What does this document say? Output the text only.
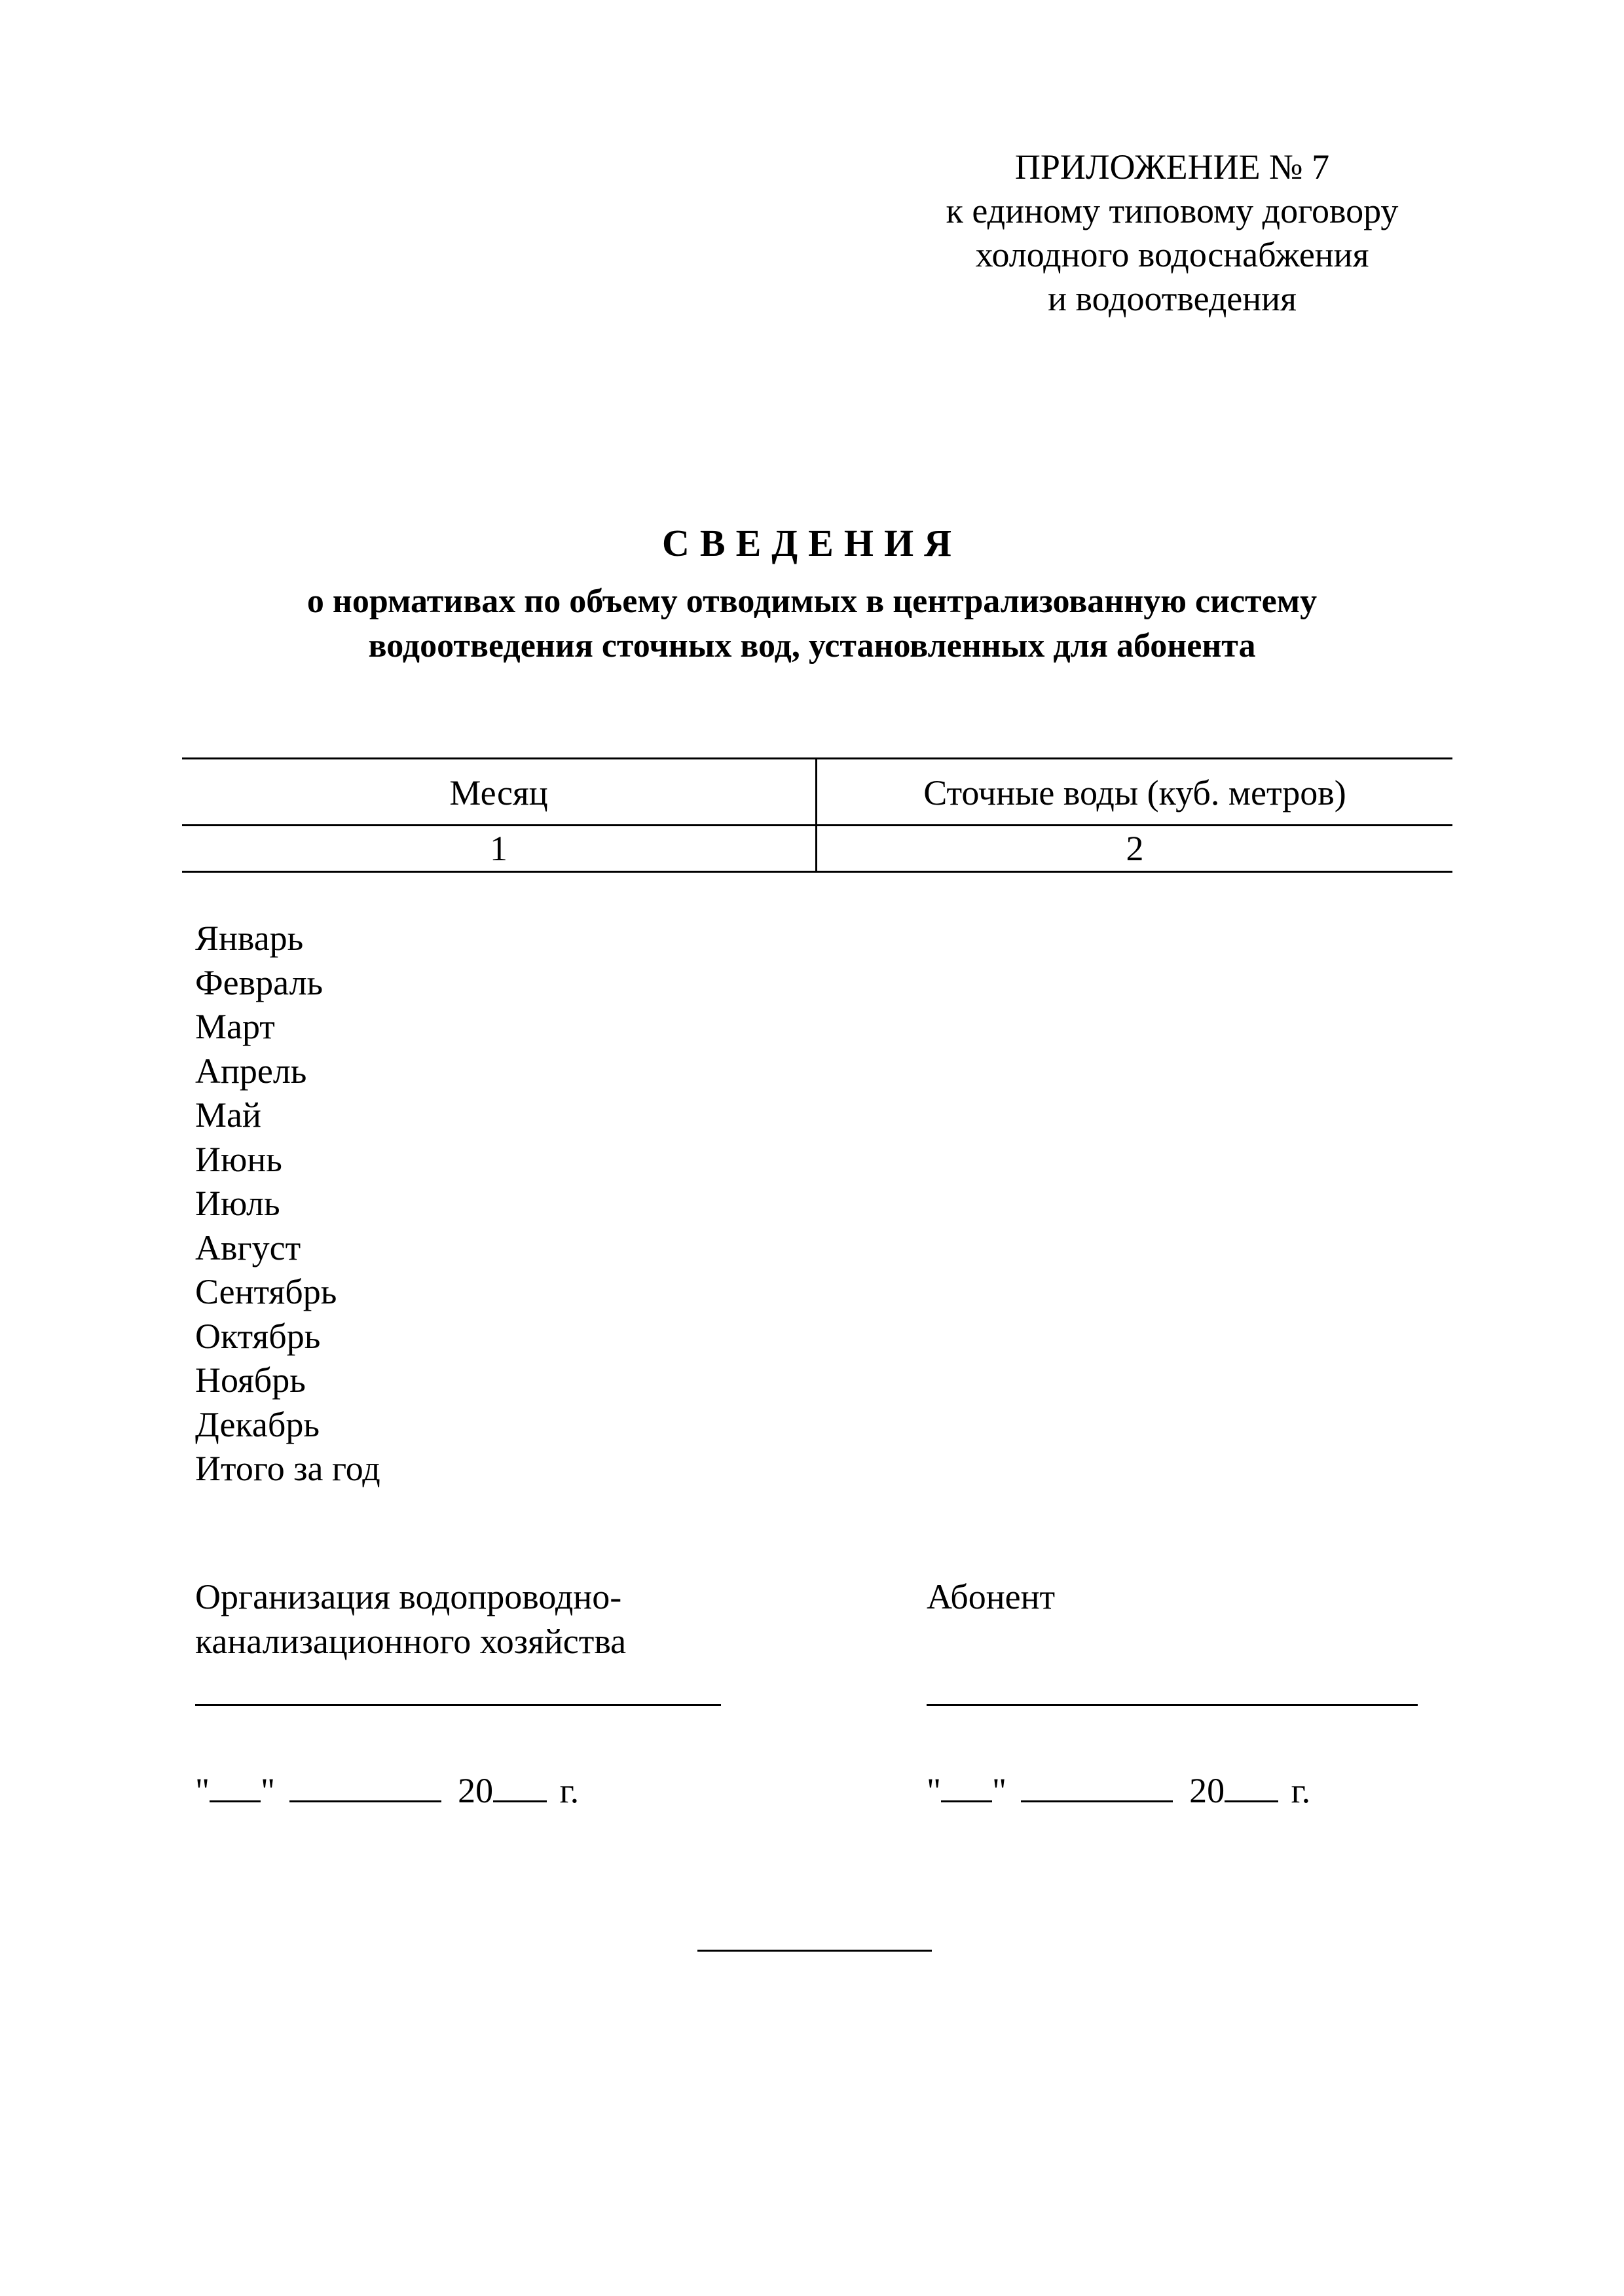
ПРИЛОЖЕНИЕ № 7
к единому типовому договору
холодного водоснабжения
и водоотведения
СВЕДЕНИЯ
о нормативах по объему отводимых в централизованную систему
водоотведения сточных вод, установленных для абонента
Месяц	Сточные воды (куб. метров)
1	2
Январь
Февраль
Март
Апрель
Май
Июнь
Июль
Август
Сентябрь
Октябрь
Ноябрь
Декабрь
Итого за год
Организация водопроводно-
канализационного хозяйства
Абонент
" "	20 г.	" "	20 г.
